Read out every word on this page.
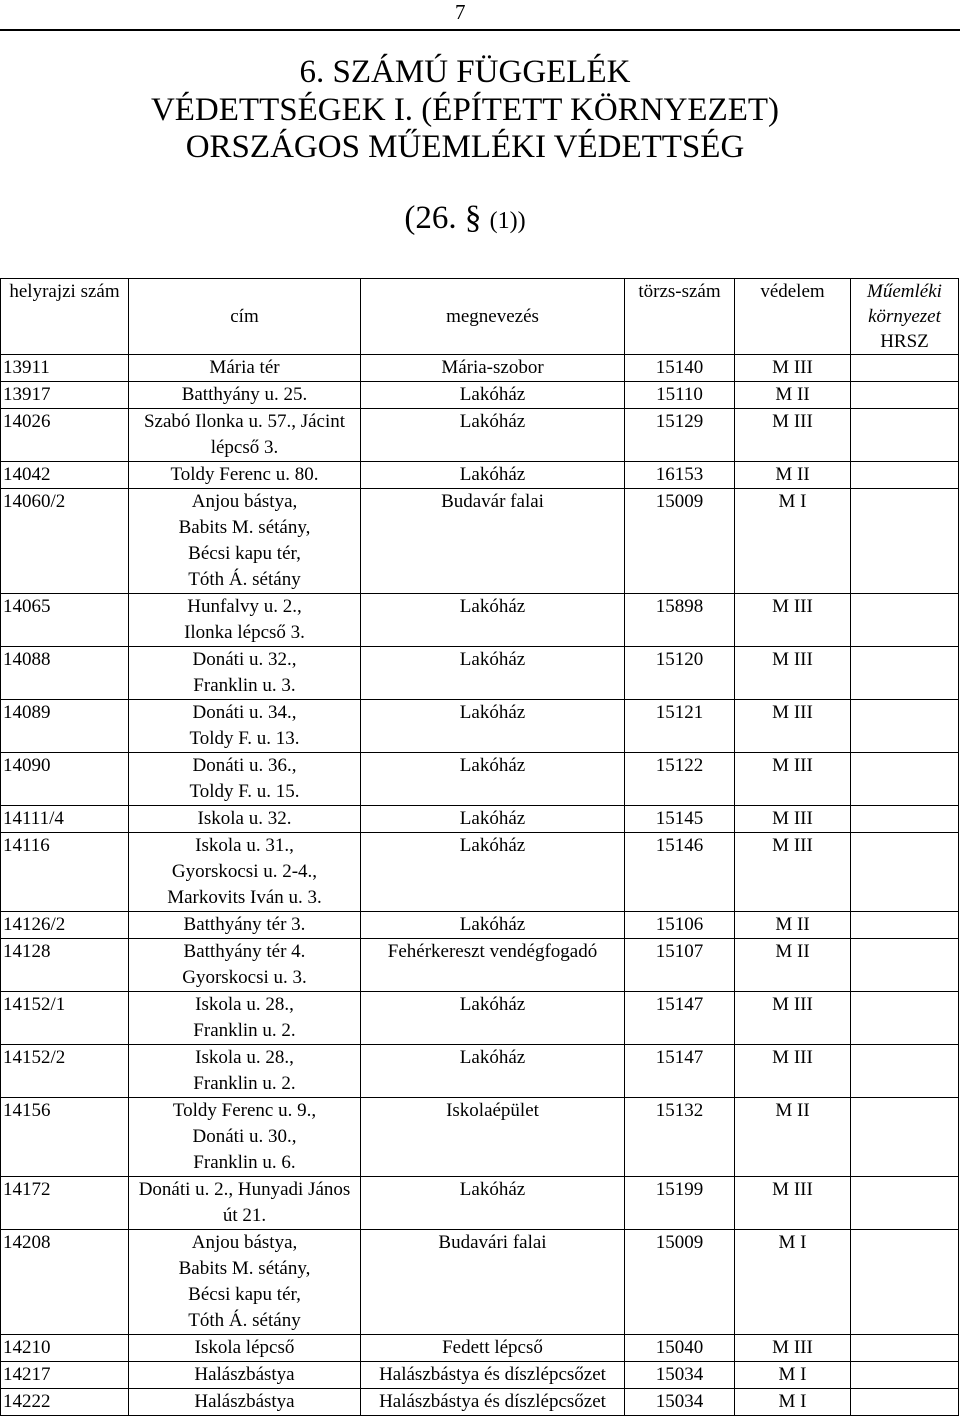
7
6. SZÁMÚ FÜGGELÉK
VÉDETTSÉGEK I. (ÉPÍTETT KÖRNYEZET)
ORSZÁGOS MŰEMLÉKI VÉDETTSÉG
(26. § (1))
helyrajzi szám	cím	megnevezés	törzs-szám	védelem	Műemléki
környezet
HRSZ
13911	Mária tér	Mária-szobor	15140	M III	
13917	Batthyány u. 25.	Lakóház	15110	M II	
14026	Szabó Ilonka u. 57., Jácint
lépcső 3.	Lakóház	15129	M III	
14042	Toldy Ferenc u. 80.	Lakóház	16153	M II	
14060/2	Anjou bástya,
Babits M. sétány,
Bécsi kapu tér,
Tóth Á. sétány	Budavár falai	15009	M I	
14065	Hunfalvy u. 2.,
Ilonka lépcső 3.	Lakóház	15898	M III	
14088	Donáti u. 32.,
Franklin u. 3.	Lakóház	15120	M III	
14089	Donáti u. 34.,
Toldy F. u. 13.	Lakóház	15121	M III	
14090	Donáti u. 36.,
Toldy F. u. 15.	Lakóház	15122	M III	
14111/4	Iskola u. 32.	Lakóház	15145	M III	
14116	Iskola u. 31.,
Gyorskocsi u. 2-4.,
Markovits Iván u. 3.	Lakóház	15146	M III	
14126/2	Batthyány tér 3.	Lakóház	15106	M II	
14128	Batthyány tér 4.
Gyorskocsi u. 3.	Fehérkereszt vendégfogadó	15107	M II	
14152/1	Iskola u. 28.,
Franklin u. 2.	Lakóház	15147	M III	
14152/2	Iskola u. 28.,
Franklin u. 2.	Lakóház	15147	M III	
14156	Toldy Ferenc u. 9.,
Donáti u. 30.,
Franklin u. 6.	Iskolaépület	15132	M II	
14172	Donáti u. 2., Hunyadi János
út 21.	Lakóház	15199	M III	
14208	Anjou bástya,
Babits M. sétány,
Bécsi kapu tér,
Tóth Á. sétány	Budavári falai	15009	M I	
14210	Iskola lépcső	Fedett lépcső	15040	M III	
14217	Halászbástya	Halászbástya és díszlépcsőzet	15034	M I	
14222	Halászbástya	Halászbástya és díszlépcsőzet	15034	M I	
